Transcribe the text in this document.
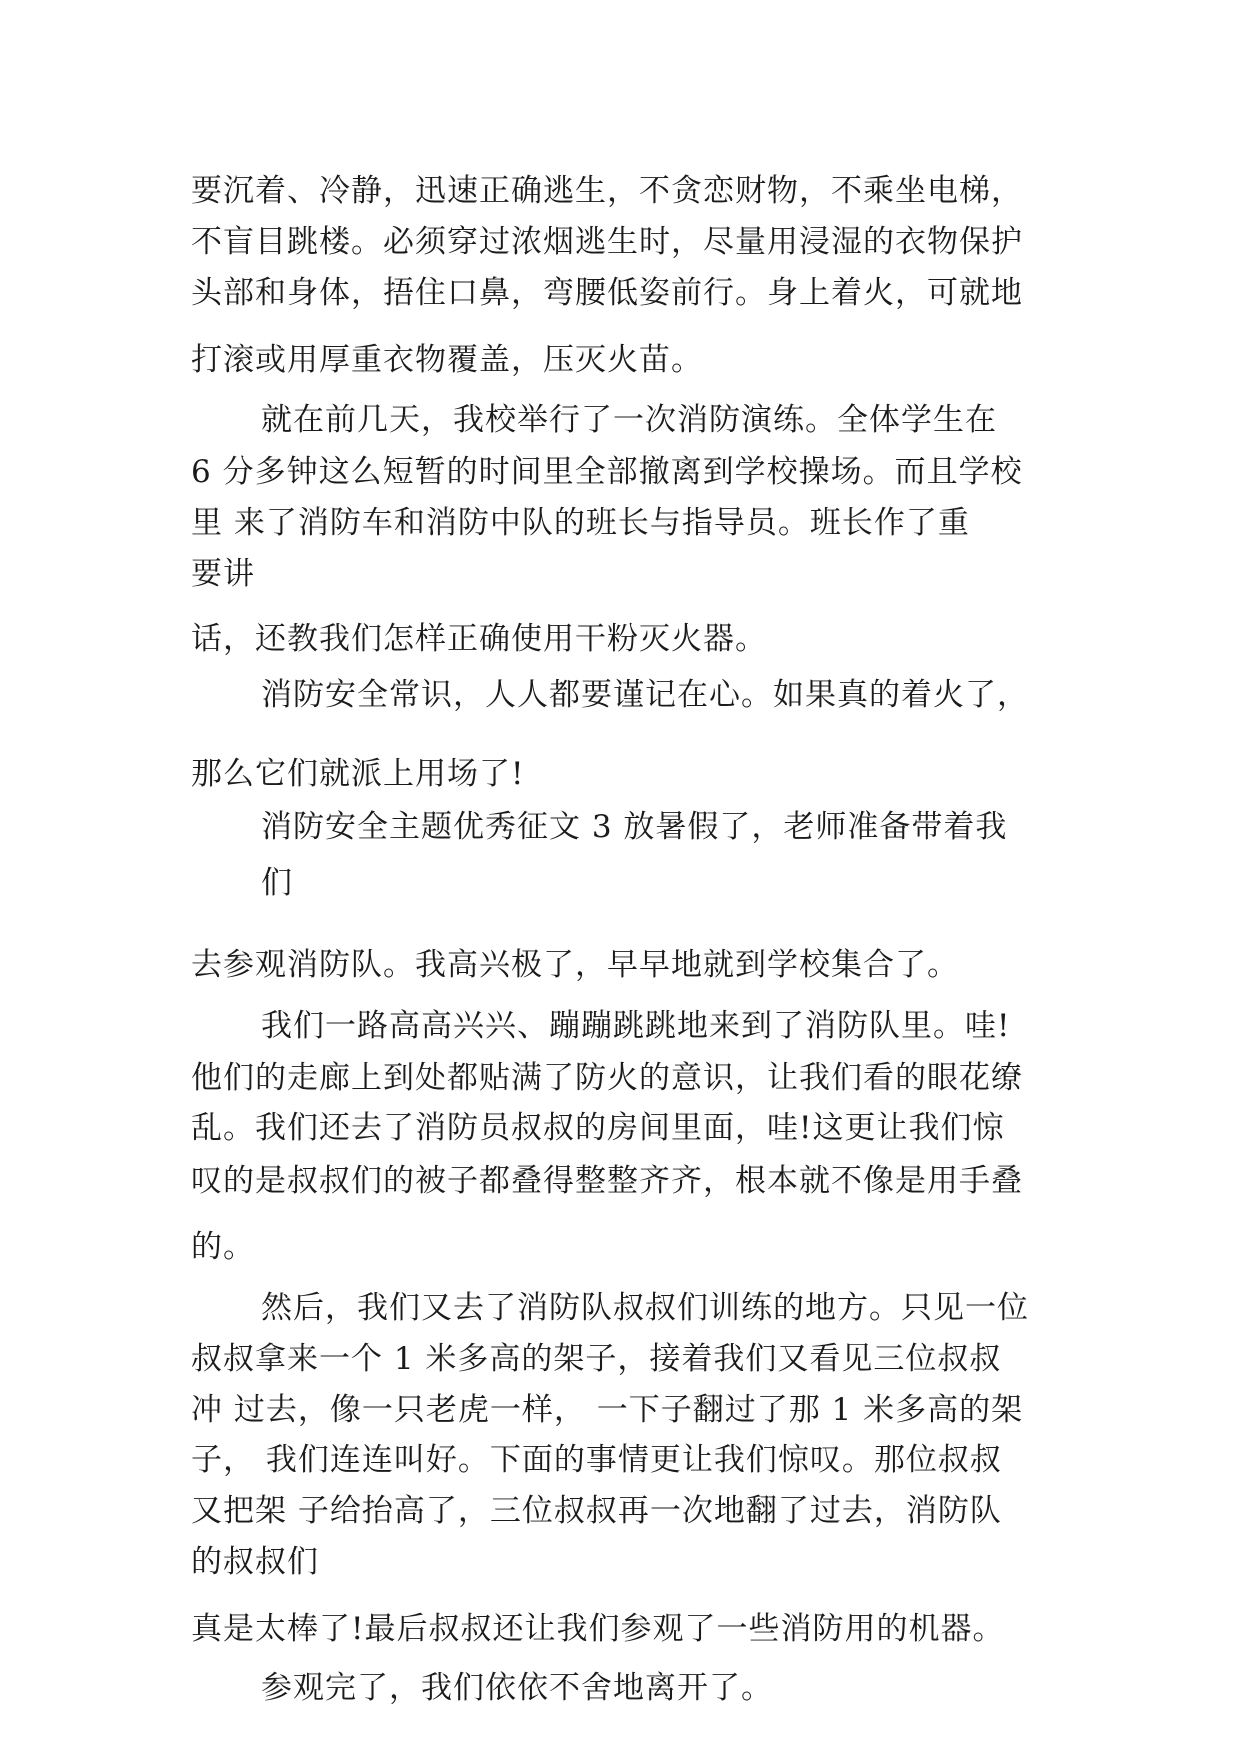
要沉着、冷静，迅速正确逃生，不贪恋财物，不乘坐电梯，

不盲目跳楼。必须穿过浓烟逃生时，尽量用浸湿的衣物保护

头部和身体，捂住口鼻，弯腰低姿前行。身上着火，可就地

打滚或用厚重衣物覆盖，压灭火苗。

就在前几天，我校举行了一次消防演练。全体学生在

6 分多钟这么短暂的时间里全部撤离到学校操场。而且学校

里 来了消防车和消防中队的班长与指导员。班长作了重

要讲

话，还教我们怎样正确使用干粉灭火器。

消防安全常识，人人都要谨记在心。如果真的着火了，

那么它们就派上用场了!

消防安全主题优秀征文 3 放暑假了，老师准备带着我

们

去参观消防队。我高兴极了，早早地就到学校集合了。

我们一路高高兴兴、蹦蹦跳跳地来到了消防队里。哇!

他们的走廊上到处都贴满了防火的意识，让我们看的眼花缭

乱。我们还去了消防员叔叔的房间里面，哇!这更让我们惊

叹的是叔叔们的被子都叠得整整齐齐，根本就不像是用手叠

的。

然后，我们又去了消防队叔叔们训练的地方。只见一位

叔叔拿来一个 1 米多高的架子，接着我们又看见三位叔叔

冲 过去，像一只老虎一样， 一下子翻过了那 1 米多高的架

子， 我们连连叫好。下面的事情更让我们惊叹。那位叔叔

又把架 子给抬高了，三位叔叔再一次地翻了过去，消防队

的叔叔们

真是太棒了!最后叔叔还让我们参观了一些消防用的机器。

参观完了，我们依依不舍地离开了。
